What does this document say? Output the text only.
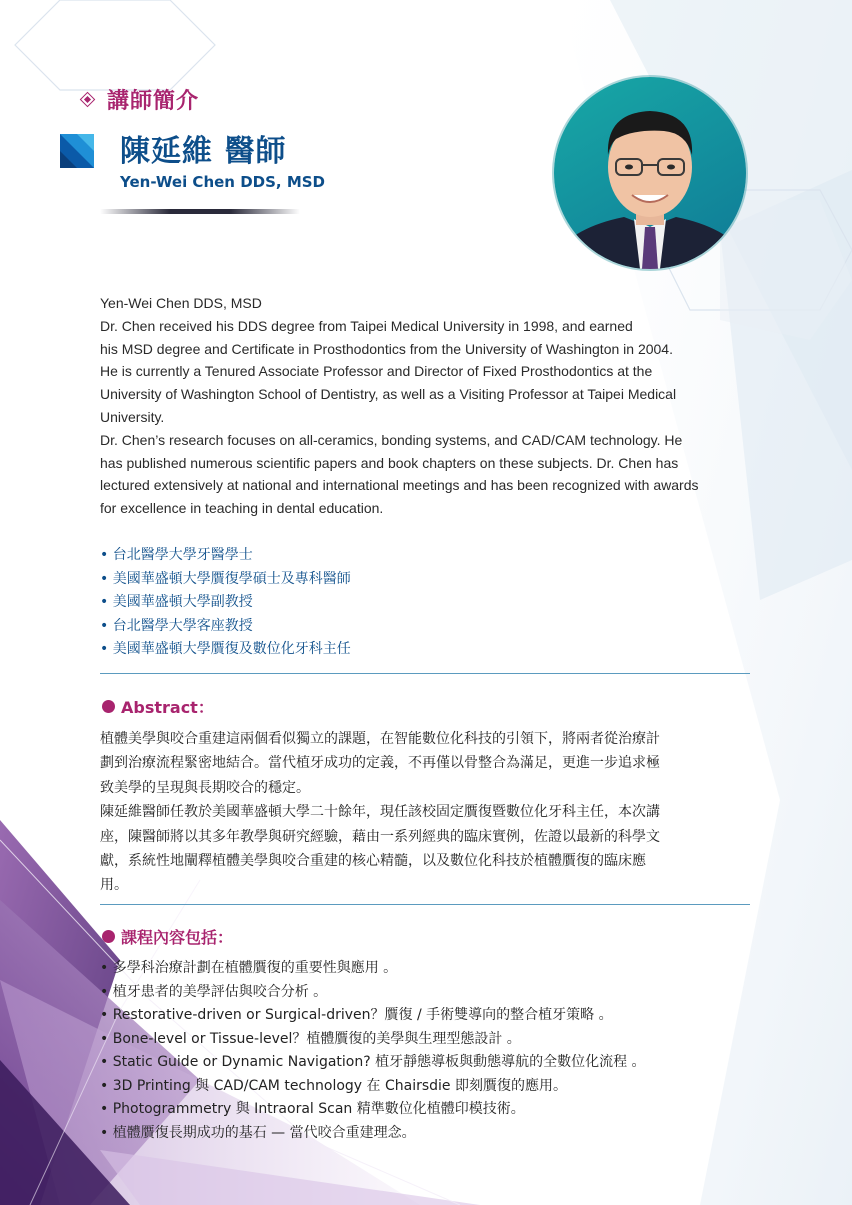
講師簡介
陳延維 醫師
Yen-Wei Chen DDS, MSD
Yen-Wei Chen DDS, MSD
Dr. Chen received his DDS degree from Taipei Medical University in 1998, and earned
his MSD degree and Certificate in Prosthodontics from the University of Washington in 2004.
He is currently a Tenured Associate Professor and Director of Fixed Prosthodontics at the
University of Washington School of Dentistry, as well as a Visiting Professor at Taipei Medical
University.
Dr. Chen’s research focuses on all-ceramics, bonding systems, and CAD/CAM technology. He
has published numerous scientific papers and book chapters on these subjects. Dr. Chen has
lectured extensively at national and international meetings and has been recognized with awards
for excellence in teaching in dental education.
• 台北醫學大學牙醫學士
• 美國華盛頓大學贋復學碩士及專科醫師
• 美國華盛頓大學副教授
• 台北醫學大學客座教授
• 美國華盛頓大學贋復及數位化牙科主任
Abstract：
植體美學與咬合重建這兩個看似獨立的課題，在智能數位化科技的引領下，將兩者從治療計
劃到治療流程緊密地結合。當代植牙成功的定義，不再僅以骨整合為滿足，更進一步追求極
致美學的呈現與長期咬合的穩定。
陳延維醫師任教於美國華盛頓大學二十餘年，現任該校固定贋復暨數位化牙科主任，本次講
座，陳醫師將以其多年教學與研究經驗，藉由一系列經典的臨床實例，佐證以最新的科學文
獻，系統性地闡釋植體美學與咬合重建的核心精髓，以及數位化科技於植體贋復的臨床應
用。
課程內容包括：
• 多學科治療計劃在植體贋復的重要性與應用 。
• 植牙患者的美學評估與咬合分析 。
• Restorative-driven or Surgical-driven？贋復 / 手術雙導向的整合植牙策略 。
• Bone-level or Tissue-level？植體贋復的美學與生理型態設計 。
• Static Guide or Dynamic Navigation? 植牙靜態導板與動態導航的全數位化流程 。
• 3D Printing 與 CAD/CAM technology 在 Chairsdie 即刻贋復的應用。
• Photogrammetry 與 Intraoral Scan 精準數位化植體印模技術。
• 植體贋復長期成功的基石 — 當代咬合重建理念。
